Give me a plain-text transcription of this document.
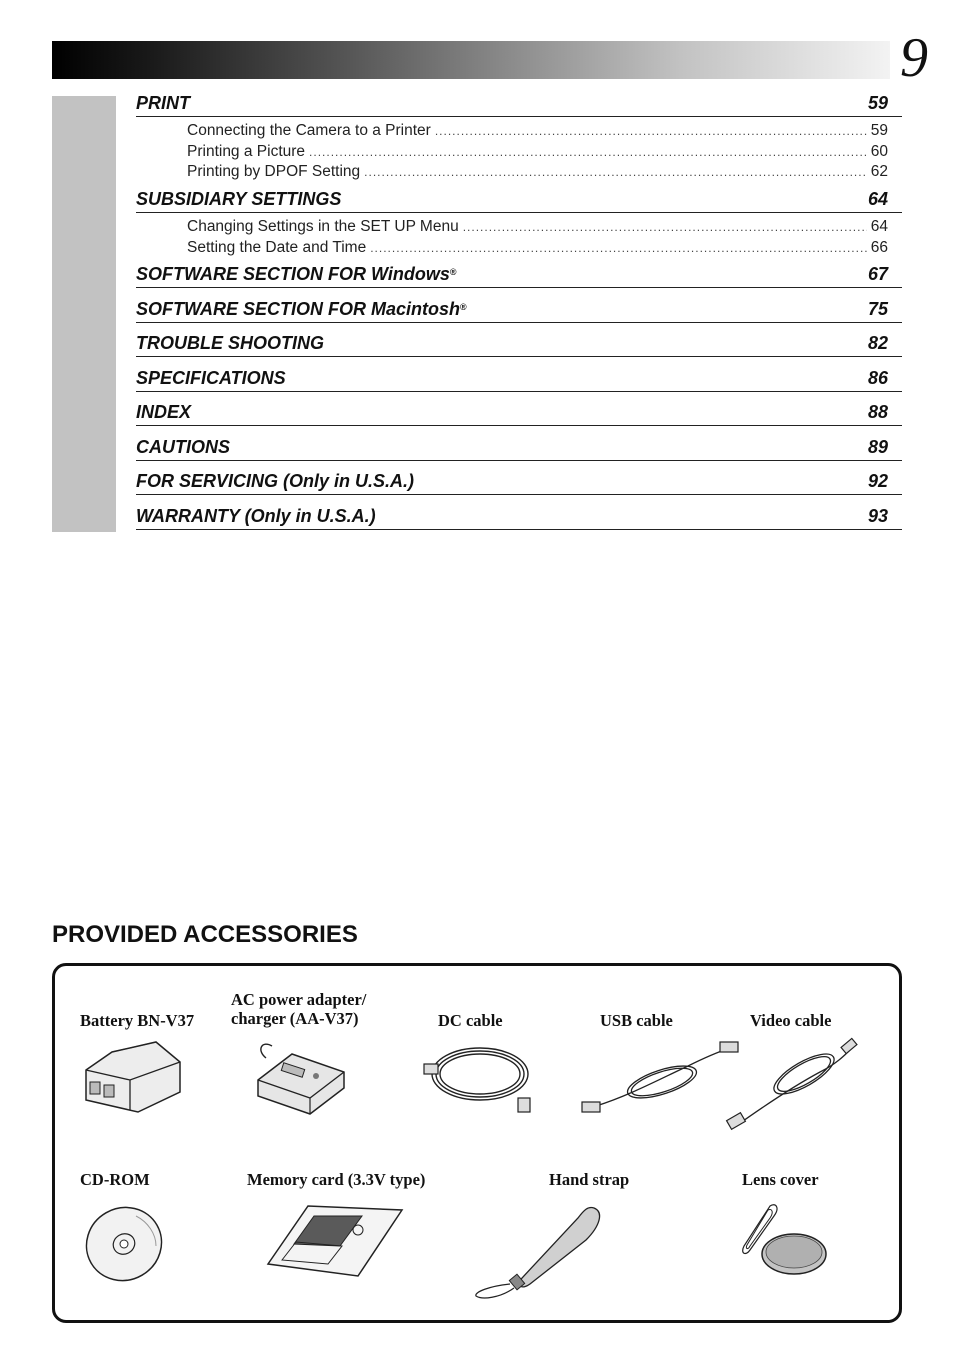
9
PRINT	59
Connecting the Camera to a Printer .....	59
Printing a Picture .....	60
Printing by DPOF Setting .....	62
SUBSIDIARY SETTINGS	64
Changing Settings in the SET UP Menu .....	64
Setting the Date and Time .....	66
SOFTWARE SECTION FOR Windows®	67
SOFTWARE SECTION FOR Macintosh®	75
TROUBLE SHOOTING	82
SPECIFICATIONS	86
INDEX	88
CAUTIONS	89
FOR SERVICING (Only in U.S.A.)	92
WARRANTY (Only in U.S.A.)	93
PROVIDED ACCESSORIES
Battery BN-V37
AC power adapter/
charger (AA-V37)	DC cable	USB cable	Video cable
CD-ROM	Memory card (3.3V type)	Hand strap	Lens cover
